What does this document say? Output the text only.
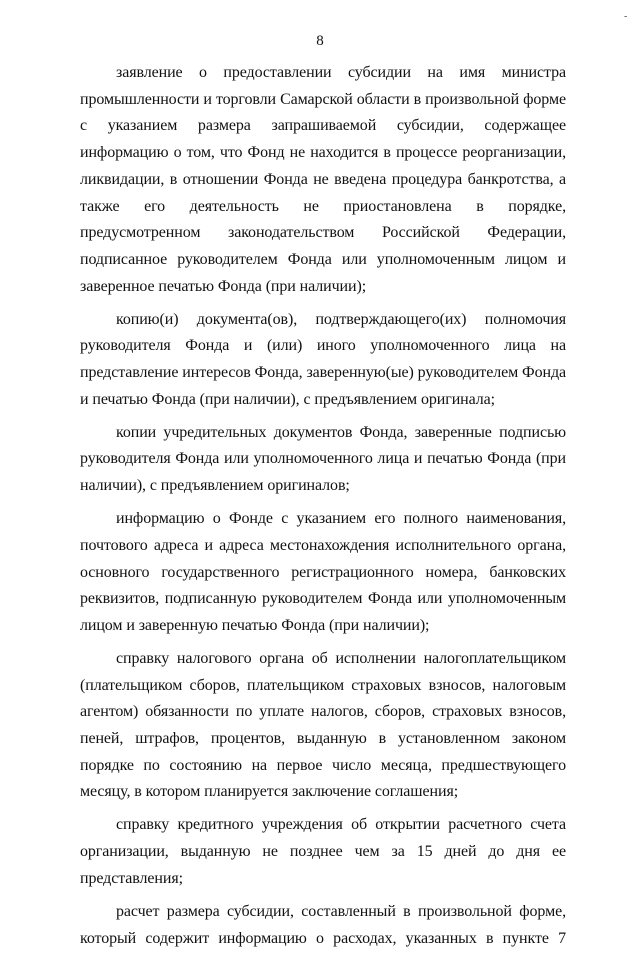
-
8

заявление о предоставлении субсидии на имя министра промышленности и торговли Самарской области в произвольной форме с указанием размера запрашиваемой субсидии, содержащее информацию о том, что Фонд не находится в процессе реорганизации, ликвидации, в отношении Фонда не введена процедура банкротства, а также его деятельность не приостановлена в порядке, предусмотренном законодательством Российской Федерации, подписанное руководителем Фонда или уполномоченным лицом и заверенное печатью Фонда (при наличии);

копию(и) документа(ов), подтверждающего(их) полномочия руководителя Фонда и (или) иного уполномоченного лица на представление интересов Фонда, заверенную(ые) руководителем Фонда и печатью Фонда (при наличии), с предъявлением оригинала;

копии учредительных документов Фонда, заверенные подписью руководителя Фонда или уполномоченного лица и печатью Фонда (при наличии), с предъявлением оригиналов;

информацию о Фонде с указанием его полного наименования, почтового адреса и адреса местонахождения исполнительного органа, основного государственного регистрационного номера, банковских реквизитов, подписанную руководителем Фонда или уполномоченным лицом и заверенную печатью Фонда (при наличии);

справку налогового органа об исполнении налогоплательщиком (плательщиком сборов, плательщиком страховых взносов, налоговым агентом) обязанности по уплате налогов, сборов, страховых взносов, пеней, штрафов, процентов, выданную в установленном законом порядке по состоянию на первое число месяца, предшествующего месяцу, в котором планируется заключение соглашения;

справку кредитного учреждения об открытии расчетного счета организации, выданную не позднее чем за 15 дней до дня ее представления;

расчет размера субсидии, составленный в произвольной форме, который содержит информацию о расходах, указанных в пункте 7
